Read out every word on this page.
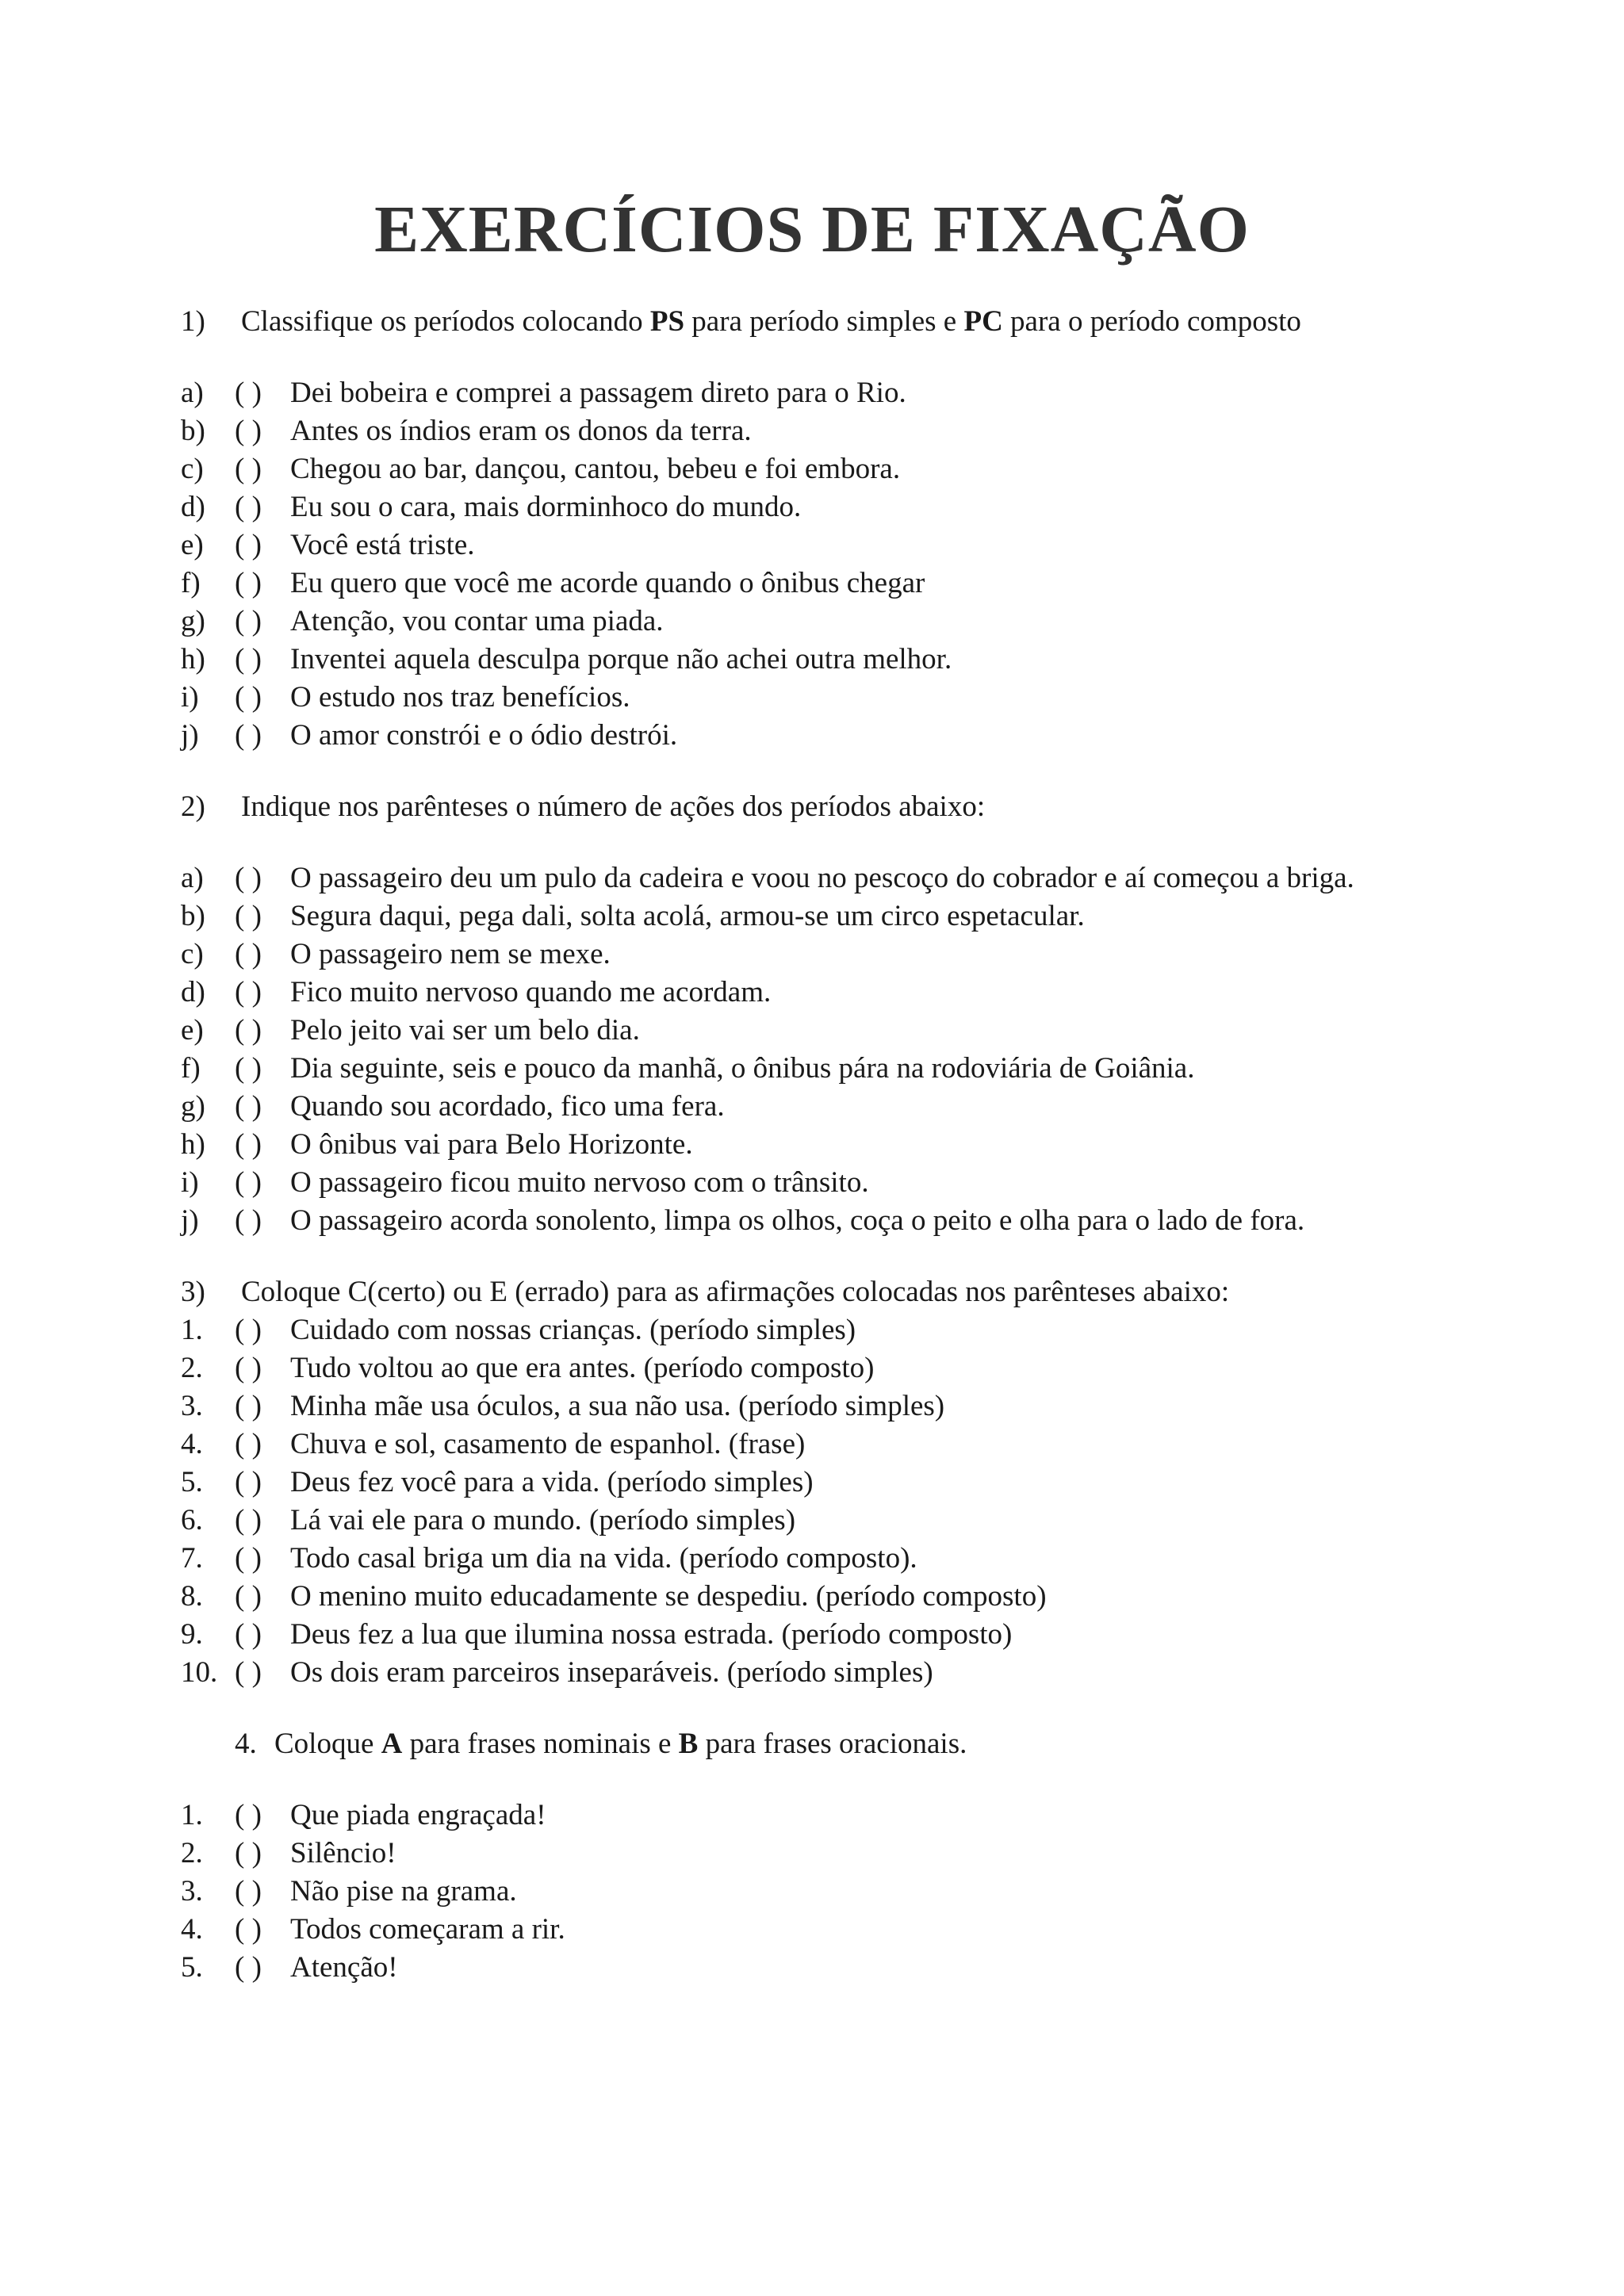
EXERCÍCIOS DE FIXAÇÃO
1)	Classifique os períodos colocando PS para período simples e PC para o período composto
a)	( ) Dei bobeira e comprei a passagem direto para o Rio.
b)	( ) Antes os índios eram os donos da terra.
c)	( ) Chegou ao bar, dançou, cantou, bebeu e foi embora.
d)	( ) Eu sou o cara, mais dorminhoco do mundo.
e)	( ) Você está triste.
f)	( ) Eu quero que você me acorde quando o ônibus chegar
g)	( ) Atenção, vou contar uma piada.
h)	( ) Inventei aquela desculpa porque não achei outra melhor.
i)	( ) O estudo nos traz benefícios.
j)	( ) O amor constrói e o ódio destrói.
2)	Indique nos parênteses o número de ações dos períodos abaixo:
a)	( ) O passageiro deu um pulo da cadeira e voou no pescoço do cobrador e aí começou a briga.
b)	( ) Segura daqui, pega dali, solta acolá, armou-se um circo espetacular.
c)	( ) O passageiro nem se mexe.
d)	( ) Fico muito nervoso quando me acordam.
e)	( ) Pelo jeito vai ser um belo dia.
f)	( ) Dia seguinte, seis e pouco da manhã, o ônibus pára na rodoviária de Goiânia.
g)	( ) Quando sou acordado, fico uma fera.
h)	( ) O ônibus vai para Belo Horizonte.
i)	( ) O passageiro ficou muito nervoso com o trânsito.
j)	( ) O passageiro acorda sonolento, limpa os olhos, coça o peito e olha para o lado de fora.
3)	Coloque C(certo) ou E (errado) para as afirmações colocadas nos parênteses abaixo:
1.	( ) Cuidado com nossas crianças. (período simples)
2.	( ) Tudo voltou ao que era antes. (período composto)
3.	( ) Minha mãe usa óculos, a sua não usa. (período simples)
4.	( ) Chuva e sol, casamento de espanhol. (frase)
5.	( ) Deus fez você para a vida. (período simples)
6.	( ) Lá vai ele para o mundo. (período simples)
7.	( ) Todo casal briga um dia na vida. (período composto).
8.	( ) O menino muito educadamente se despediu. (período composto)
9.	( ) Deus fez a lua que ilumina nossa estrada. (período composto)
10. ( ) Os dois eram parceiros inseparáveis. (período simples)
4. Coloque A para frases nominais e B para frases oracionais.
1.	( ) Que piada engraçada!
2.	( ) Silêncio!
3.	( ) Não pise na grama.
4.	( ) Todos começaram a rir.
5.	( ) Atenção!
